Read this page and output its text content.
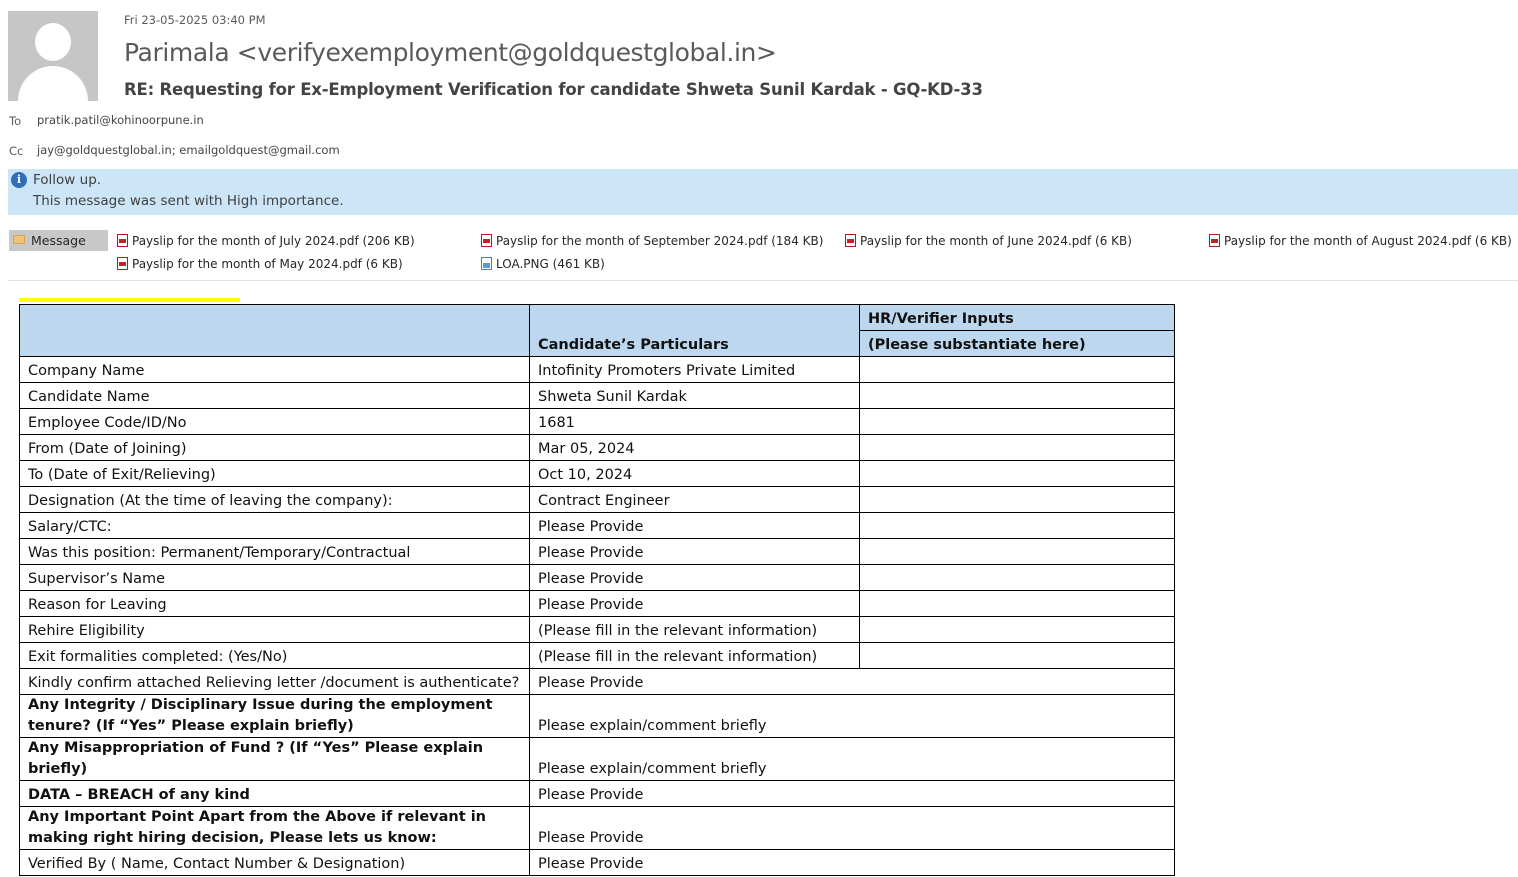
Fri 23-05-2025 03:40 PM
Parimala <verifyexemployment@goldquestglobal.in>
RE: Requesting for Ex-Employment Verification for candidate Shweta Sunil Kardak - GQ-KD-33
To pratik.patil@kohinoorpune.in
Cc jay@goldquestglobal.in; emailgoldquest@gmail.com
i Follow up.
This message was sent with High importance.
Message	Payslip for the month of July 2024.pdf (206 KB)	Payslip for the month of September 2024.pdf (184 KB)	Payslip for the month of June 2024.pdf (6 KB)	Payslip for the month of August 2024.pdf (6 KB)
Payslip for the month of May 2024.pdf (6 KB)	LOA.PNG (461 KB)
	Candidate’s Particulars	HR/Verifier Inputs
		(Please substantiate here)
Company Name	Intofinity Promoters Private Limited	
Candidate Name	Shweta Sunil Kardak	
Employee Code/ID/No	1681	
From (Date of Joining)	Mar 05, 2024	
To (Date of Exit/Relieving)	Oct 10, 2024	
Designation (At the time of leaving the company):	Contract Engineer	
Salary/CTC:	Please Provide	
Was this position: Permanent/Temporary/Contractual	Please Provide	
Supervisor’s Name	Please Provide	
Reason for Leaving	Please Provide	
Rehire Eligibility	(Please fill in the relevant information)	
Exit formalities completed: (Yes/No)	(Please fill in the relevant information)	
Kindly confirm attached Relieving letter /document is authenticate?	Please Provide	
Any Integrity / Disciplinary Issue during the employment tenure? (If “Yes” Please explain briefly)	Please explain/comment briefly	
Any Misappropriation of Fund ? (If “Yes” Please explain briefly)	Please explain/comment briefly	
DATA – BREACH of any kind	Please Provide	
Any Important Point Apart from the Above if relevant in making right hiring decision, Please lets us know:	Please Provide	
Verified By ( Name, Contact Number & Designation)	Please Provide	
